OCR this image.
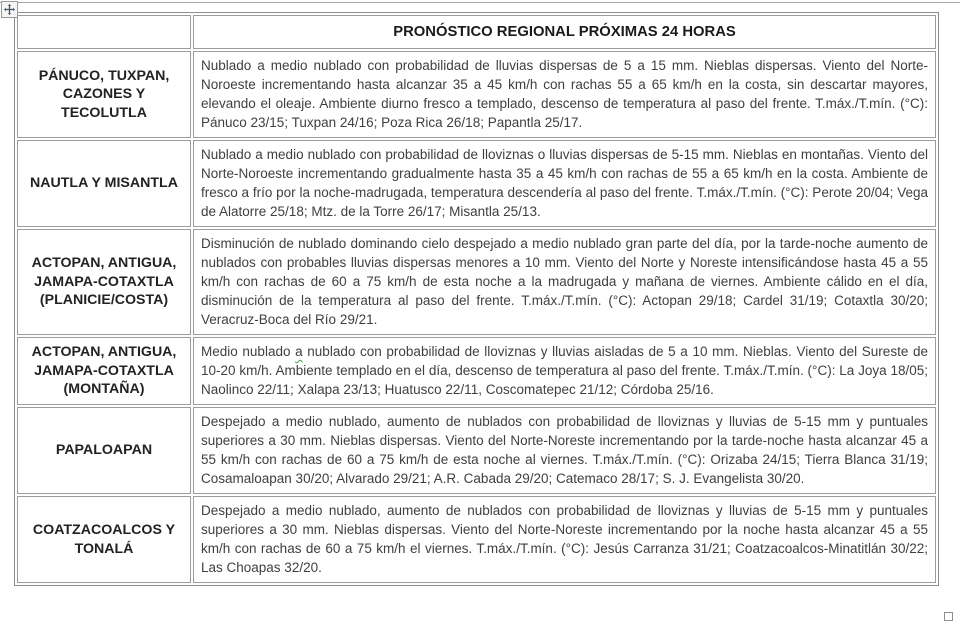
	PRONÓSTICO REGIONAL PRÓXIMAS 24 HORAS
PÁNUCO, TUXPAN, CAZONES Y TECOLUTLA	Nublado a medio nublado con probabilidad de lluvias dispersas de 5 a 15 mm. Nieblas dispersas. Viento del Norte-Noroeste incrementando hasta alcanzar 35 a 45 km/h con rachas 55 a 65 km/h en la costa, sin descartar mayores, elevando el oleaje. Ambiente diurno fresco a templado, descenso de temperatura al paso del frente. T.máx./T.mín. (°C): Pánuco 23/15; Tuxpan 24/16; Poza Rica 26/18; Papantla 25/17.
NAUTLA Y MISANTLA	Nublado a medio nublado con probabilidad de lloviznas o lluvias dispersas de 5-15 mm. Nieblas en montañas. Viento del Norte-Noroeste incrementando gradualmente hasta 35 a 45 km/h con rachas de 55 a 65 km/h en la costa. Ambiente de fresco a frío por la noche-madrugada, temperatura descendería al paso del frente. T.máx./T.mín. (°C): Perote 20/04; Vega de Alatorre 25/18; Mtz. de la Torre 26/17; Misantla 25/13.
ACTOPAN, ANTIGUA, JAMAPA-COTAXTLA (PLANICIE/COSTA)	Disminución de nublado dominando cielo despejado a medio nublado gran parte del día, por la tarde-noche aumento de nublados con probables lluvias dispersas menores a 10 mm. Viento del Norte y Noreste intensificándose hasta 45 a 55 km/h con rachas de 60 a 75 km/h de esta noche a la madrugada y mañana de viernes. Ambiente cálido en el día, disminución de la temperatura al paso del frente. T.máx./T.mín. (°C): Actopan 29/18; Cardel 31/19; Cotaxtla 30/20; Veracruz-Boca del Río 29/21.
ACTOPAN, ANTIGUA, JAMAPA-COTAXTLA (MONTAÑA)	Medio nublado a nublado con probabilidad de lloviznas y lluvias aisladas de 5 a 10 mm. Nieblas. Viento del Sureste de 10-20 km/h. Ambiente templado en el día, descenso de temperatura al paso del frente. T.máx./T.mín. (°C): La Joya 18/05; Naolinco 22/11; Xalapa 23/13; Huatusco 22/11, Coscomatepec 21/12; Córdoba 25/16.
PAPALOAPAN	Despejado a medio nublado, aumento de nublados con probabilidad de lloviznas y lluvias de 5-15 mm y puntuales superiores a 30 mm. Nieblas dispersas. Viento del Norte-Noreste incrementando por la tarde-noche hasta alcanzar 45 a 55 km/h con rachas de 60 a 75 km/h de esta noche al viernes. T.máx./T.mín. (°C): Orizaba 24/15; Tierra Blanca 31/19; Cosamaloapan 30/20; Alvarado 29/21; A.R. Cabada 29/20; Catemaco 28/17; S. J. Evangelista 30/20.
COATZACOALCOS Y TONALÁ	Despejado a medio nublado, aumento de nublados con probabilidad de lloviznas y lluvias de 5-15 mm y puntuales superiores a 30 mm. Nieblas dispersas. Viento del Norte-Noreste incrementando por la noche hasta alcanzar 45 a 55 km/h con rachas de 60 a 75 km/h el viernes. T.máx./T.mín. (°C): Jesús Carranza 31/21; Coatzacoalcos-Minatitlán 30/22; Las Choapas 32/20.
